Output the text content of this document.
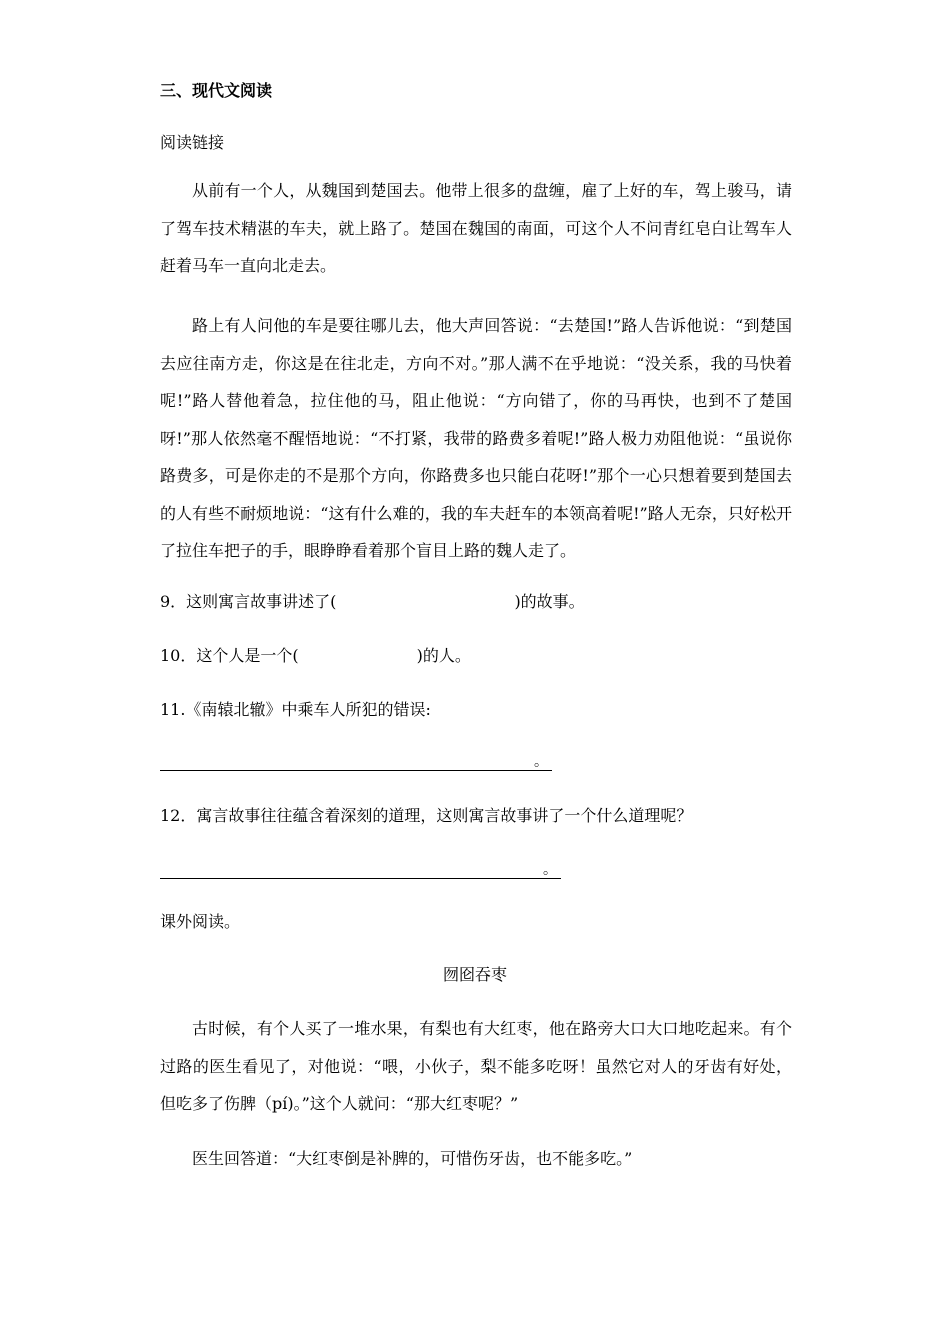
三、现代文阅读
阅读链接

从前有一个人，从魏国到楚国去。他带上很多的盘缠，雇了上好的车，驾上骏马，请了驾车技术精湛的车夫，就上路了。楚国在魏国的南面，可这个人不问青红皂白让驾车人赶着马车一直向北走去。

路上有人问他的车是要往哪儿去，他大声回答说：“去楚国!”路人告诉他说：“到楚国去应往南方走，你这是在往北走，方向不对。”那人满不在乎地说：“没关系，我的马快着呢!”路人替他着急，拉住他的马，阻止他说：“方向错了，你的马再快，也到不了楚国呀!”那人依然毫不醒悟地说：“不打紧，我带的路费多着呢!”路人极力劝阻他说：“虽说你路费多，可是你走的不是那个方向，你路费多也只能白花呀!”那个一心只想着要到楚国去的人有些不耐烦地说：“这有什么难的，我的车夫赶车的本领高着呢!”路人无奈，只好松开了拉住车把子的手，眼睁睁看着那个盲目上路的魏人走了。

9．这则寓言故事讲述了(	)的故事。
10．这个人是一个(	)的人。
11.《南辕北辙》中乘车人所犯的错误:
。
12．寓言故事往往蕴含着深刻的道理，这则寓言故事讲了一个什么道理呢？
。
课外阅读。
囫囵吞枣

古时候，有个人买了一堆水果，有梨也有大红枣，他在路旁大口大口地吃起来。有个过路的医生看见了，对他说：“喂，小伙子，梨不能多吃呀！虽然它对人的牙齿有好处，但吃多了伤脾（pí)。”这个人就问：“那大红枣呢？”

医生回答道：“大红枣倒是补脾的，可惜伤牙齿，也不能多吃。”
